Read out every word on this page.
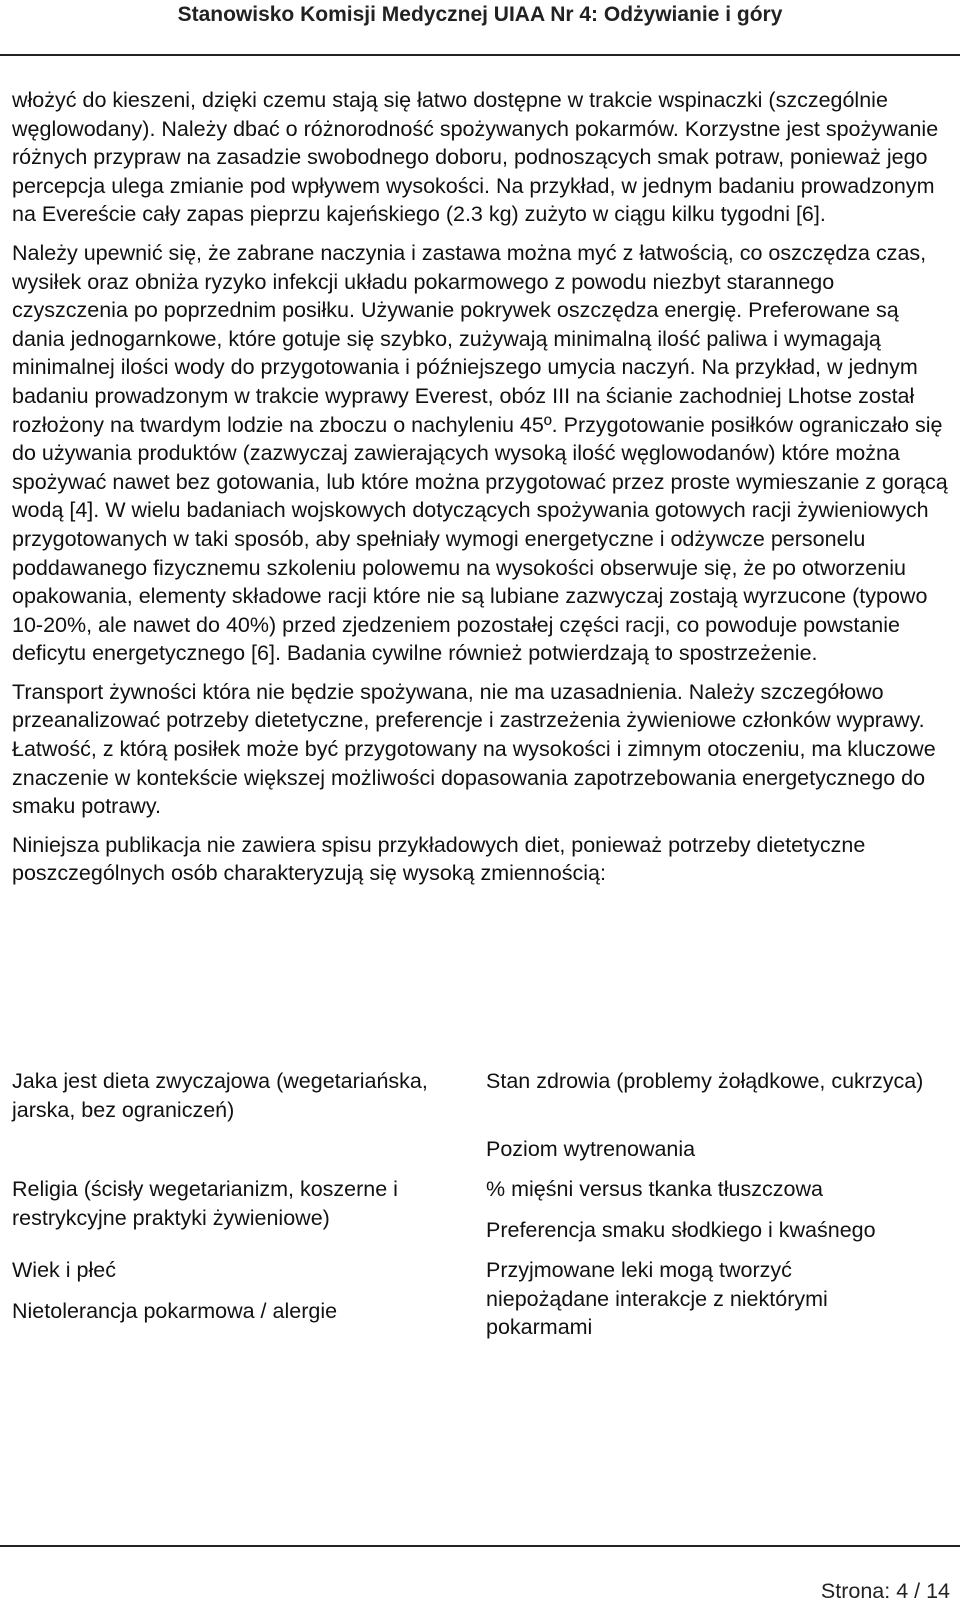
Stanowisko Komisji Medycznej UIAA Nr 4: Odżywianie i góry

włożyć do kieszeni, dzięki czemu stają się łatwo dostępne w trakcie wspinaczki (szczególnie węglowodany). Należy dbać o różnorodność spożywanych pokarmów. Korzystne jest spożywanie różnych przypraw na zasadzie swobodnego doboru, podnoszących smak potraw, ponieważ jego percepcja ulega zmianie pod wpływem wysokości. Na przykład, w jednym badaniu prowadzonym na Evereście cały zapas pieprzu kajeńskiego (2.3 kg) zużyto w ciągu kilku tygodni [6].

Należy upewnić się, że zabrane naczynia i zastawa można myć z łatwością, co oszczędza czas, wysiłek oraz obniża ryzyko infekcji układu pokarmowego z powodu niezbyt starannego czyszczenia po poprzednim posiłku. Używanie pokrywek oszczędza energię. Preferowane są dania jednogarnkowe, które gotuje się szybko, zużywają minimalną ilość paliwa i wymagają minimalnej ilości wody do przygotowania i późniejszego umycia naczyń. Na przykład, w jednym badaniu prowadzonym w trakcie wyprawy Everest, obóz III na ścianie zachodniej Lhotse został rozłożony na twardym lodzie na zboczu o nachyleniu 45º. Przygotowanie posiłków ograniczało się do używania produktów (zazwyczaj zawierających wysoką ilość węglowodanów) które można spożywać nawet bez gotowania, lub które można przygotować przez proste wymieszanie z gorącą wodą [4]. W wielu badaniach wojskowych dotyczących spożywania gotowych racji żywieniowych przygotowanych w taki sposób, aby spełniały wymogi energetyczne i odżywcze personelu poddawanego fizycznemu szkoleniu polowemu na wysokości obserwuje się, że po otworzeniu opakowania, elementy składowe racji które nie są lubiane zazwyczaj zostają wyrzucone (typowo 10-20%, ale nawet do 40%) przed zjedzeniem pozostałej części racji, co powoduje powstanie deficytu energetycznego [6]. Badania cywilne również potwierdzają to spostrzeżenie.

Transport żywności która nie będzie spożywana, nie ma uzasadnienia. Należy szczegółowo przeanalizować potrzeby dietetyczne, preferencje i zastrzeżenia żywieniowe członków wyprawy. Łatwość, z którą posiłek może być przygotowany na wysokości i zimnym otoczeniu, ma kluczowe znaczenie w kontekście większej możliwości dopasowania zapotrzebowania energetycznego do smaku potrawy.

Niniejsza publikacja nie zawiera spisu przykładowych diet, ponieważ potrzeby dietetyczne poszczególnych osób charakteryzują się wysoką zmiennością:

Jaka jest dieta zwyczajowa (wegetariańska, jarska, bez ograniczeń)
Religia (ścisły wegetarianizm, koszerne i restrykcyjne praktyki żywieniowe)
Wiek i płeć
Nietolerancja pokarmowa / alergie
Stan zdrowia (problemy żołądkowe, cukrzyca)
Poziom wytrenowania
% mięśni versus tkanka tłuszczowa
Preferencja smaku słodkiego i kwaśnego
Przyjmowane leki mogą tworzyć niepożądane interakcje z niektórymi pokarmami
Strona: 4 / 14
